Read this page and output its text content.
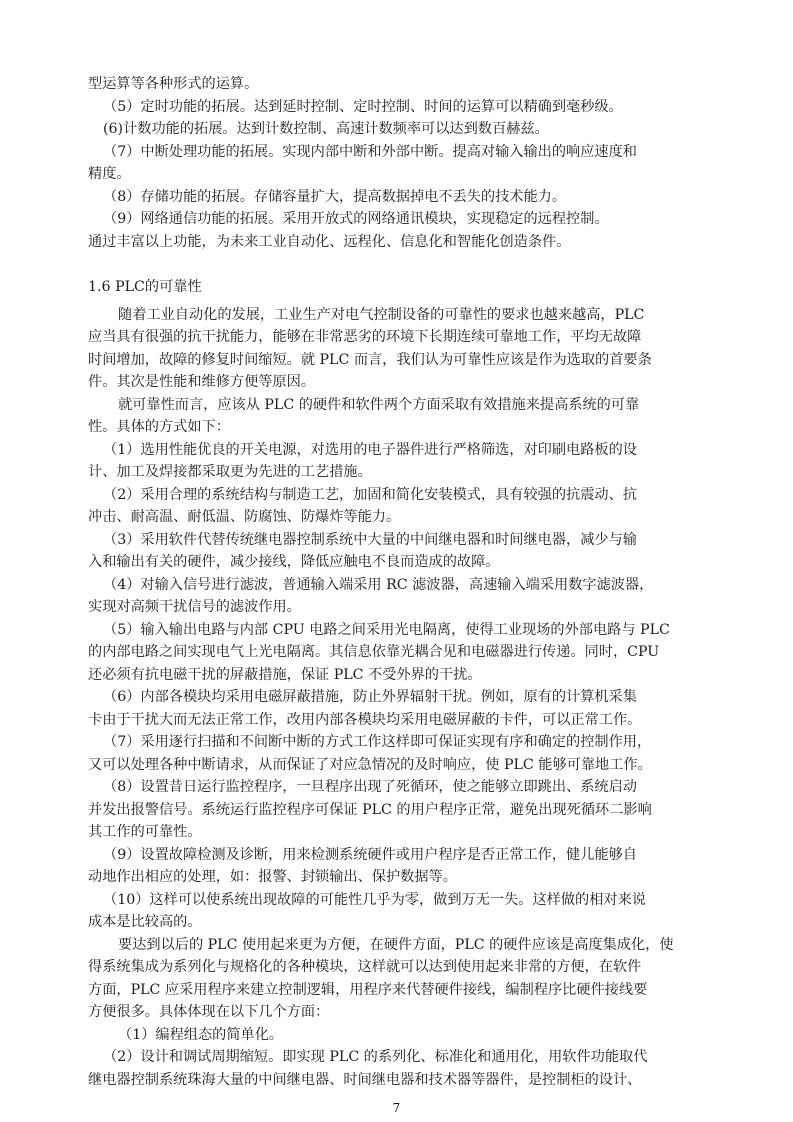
型运算等各种形式的运算。
（5）定时功能的拓展。达到延时控制、定时控制、时间的运算可以精确到毫秒级。
(6)计数功能的拓展。达到计数控制、高速计数频率可以达到数百赫兹。
（7）中断处理功能的拓展。实现内部中断和外部中断。提高对输入输出的响应速度和
精度。
（8）存储功能的拓展。存储容量扩大，提高数据掉电不丢失的技术能力。
（9）网络通信功能的拓展。采用开放式的网络通讯模块，实现稳定的远程控制。
通过丰富以上功能，为未来工业自动化、远程化、信息化和智能化创造条件。
1.6 PLC的可靠性
随着工业自动化的发展，工业生产对电气控制设备的可靠性的要求也越来越高，PLC
应当具有很强的抗干扰能力，能够在非常恶劣的环境下长期连续可靠地工作，平均无故障
时间增加，故障的修复时间缩短。就 PLC 而言，我们认为可靠性应该是作为选取的首要条
件。其次是性能和维修方便等原因。
就可靠性而言，应该从 PLC 的硬件和软件两个方面采取有效措施来提高系统的可靠
性。具体的方式如下：
（1）选用性能优良的开关电源，对选用的电子器件进行严格筛选，对印刷电路板的设
计、加工及焊接都采取更为先进的工艺措施。
（2）采用合理的系统结构与制造工艺，加固和简化安装模式，具有较强的抗震动、抗
冲击、耐高温、耐低温、防腐蚀、防爆炸等能力。
（3）采用软件代替传统继电器控制系统中大量的中间继电器和时间继电器，减少与输
入和输出有关的硬件，减少接线，降低应触电不良而造成的故障。
（4）对输入信号进行滤波，普通输入端采用 RC 滤波器，高速输入端采用数字滤波器，
实现对高频干扰信号的滤波作用。
（5）输入输出电路与内部 CPU 电路之间采用光电隔离，使得工业现场的外部电路与 PLC
的内部电路之间实现电气上光电隔离。其信息依靠光耦合见和电磁器进行传递。同时，CPU
还必须有抗电磁干扰的屏蔽措施，保证 PLC 不受外界的干扰。
（6）内部各模块均采用电磁屏蔽措施，防止外界辐射干扰。例如，原有的计算机采集
卡由于干扰大而无法正常工作，改用内部各模块均采用电磁屏蔽的卡件，可以正常工作。
（7）采用逐行扫描和不间断中断的方式工作这样即可保证实现有序和确定的控制作用，
又可以处理各种中断请求，从而保证了对应急情况的及时响应，使 PLC 能够可靠地工作。
（8）设置昔日运行监控程序，一旦程序出现了死循环，使之能够立即跳出、系统启动
并发出报警信号。系统运行监控程序可保证 PLC 的用户程序正常，避免出现死循环二影响
其工作的可靠性。
（9）设置故障检测及诊断，用来检测系统硬件或用户程序是否正常工作，健儿能够自
动地作出相应的处理，如：报警、封锁输出、保护数据等。
（10）这样可以使系统出现故障的可能性几乎为零，做到万无一失。这样做的相对来说
成本是比较高的。
要达到以后的 PLC 使用起来更为方便，在硬件方面，PLC 的硬件应该是高度集成化，使
得系统集成为系列化与规格化的各种模块，这样就可以达到使用起来非常的方便，在软件
方面，PLC 应采用程序来建立控制逻辑，用程序来代替硬件接线，编制程序比硬件接线要
方便很多。具体体现在以下几个方面：
（1）编程组态的简单化。
（2）设计和调试周期缩短。即实现 PLC 的系列化、标准化和通用化，用软件功能取代
继电器控制系统珠海大量的中间继电器、时间继电器和技术器等器件，是控制柜的设计、
7
